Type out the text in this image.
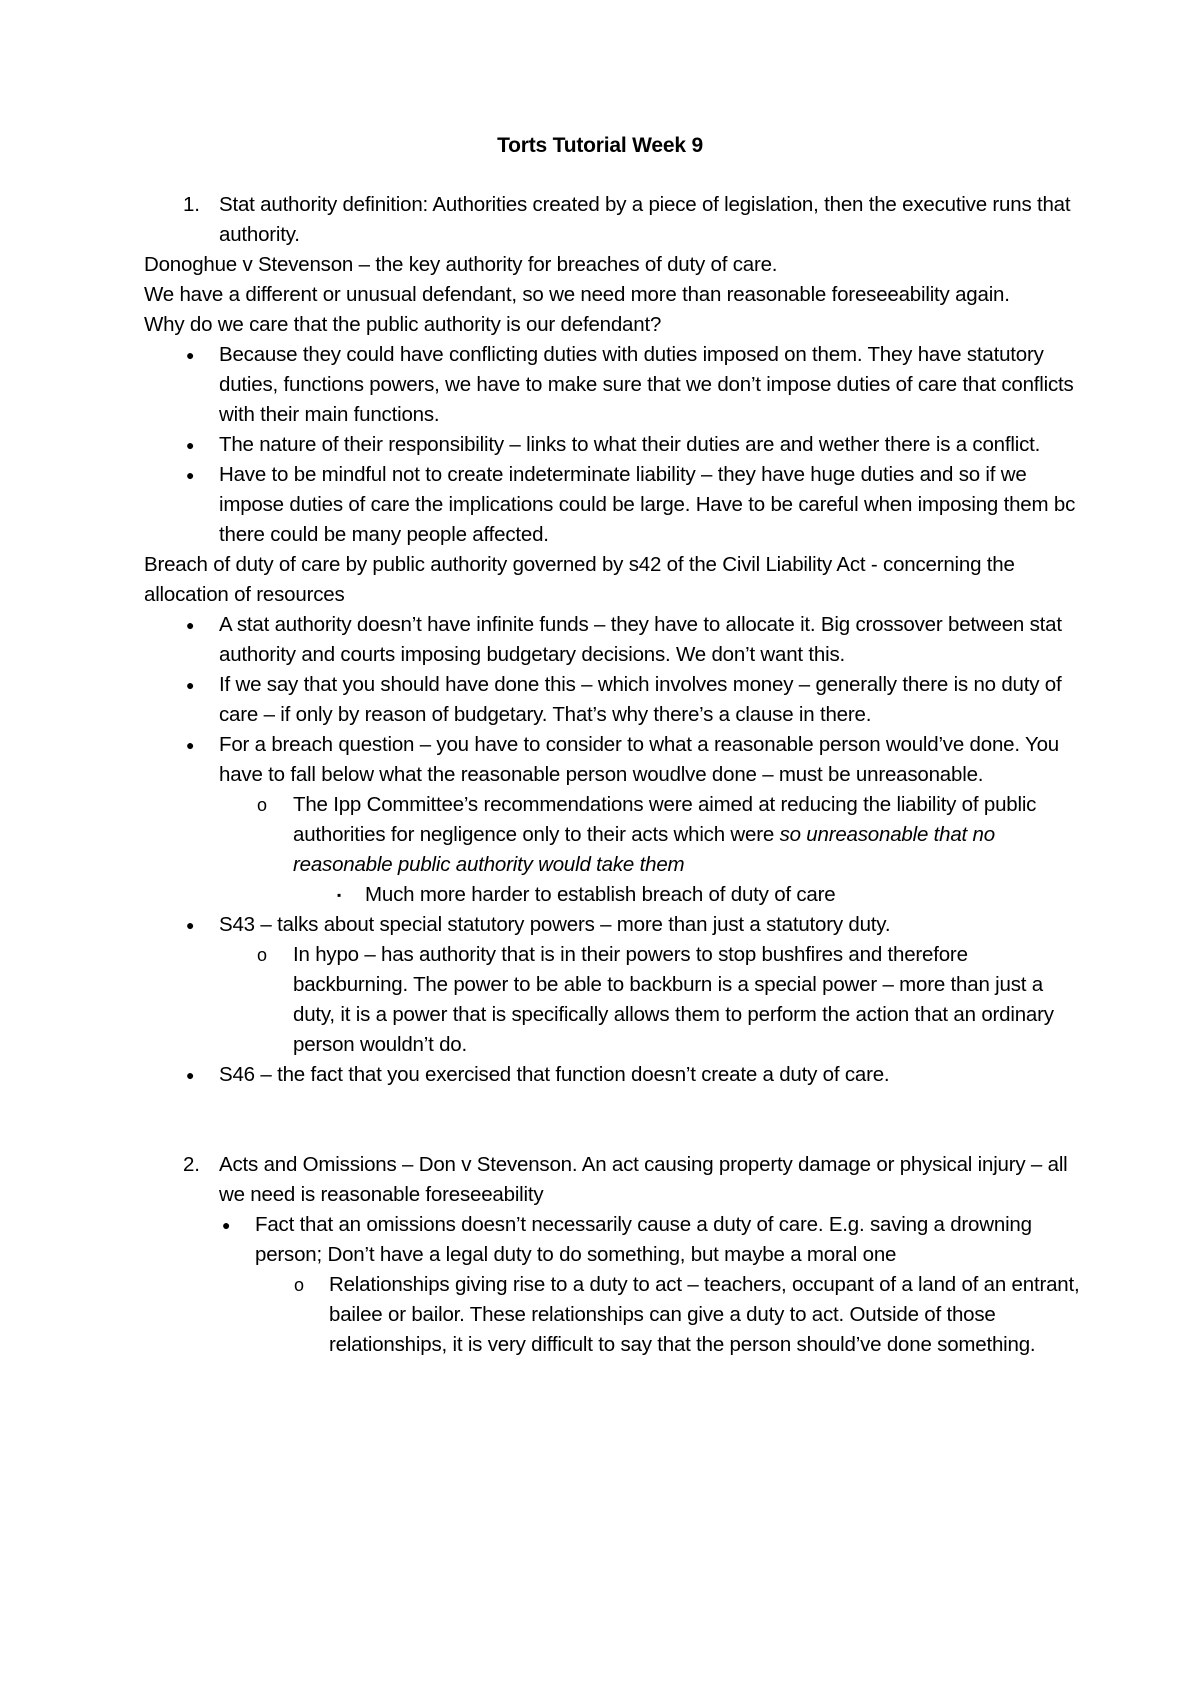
Torts Tutorial Week 9
1. Stat authority definition: Authorities created by a piece of legislation, then the executive runs that authority.

Donoghue v Stevenson – the key authority for breaches of duty of care.

We have a different or unusual defendant, so we need more than reasonable foreseeability again.

Why do we care that the public authority is our defendant?

● Because they could have conflicting duties with duties imposed on them. They have statutory duties, functions powers, we have to make sure that we don’t impose duties of care that conflicts with their main functions.
● The nature of their responsibility – links to what their duties are and wether there is a conflict.
● Have to be mindful not to create indeterminate liability – they have huge duties and so if we impose duties of care the implications could be large. Have to be careful when imposing them bc there could be many people affected.

Breach of duty of care by public authority governed by s42 of the Civil Liability Act - concerning the allocation of resources

● A stat authority doesn’t have infinite funds – they have to allocate it. Big crossover between stat authority and courts imposing budgetary decisions. We don’t want this.
● If we say that you should have done this – which involves money – generally there is no duty of care – if only by reason of budgetary. That’s why there’s a clause in there.
● For a breach question – you have to consider to what a reasonable person would’ve done. You have to fall below what the reasonable person woudlve done – must be unreasonable.
o The Ipp Committee’s recommendations were aimed at reducing the liability of public authorities for negligence only to their acts which were so unreasonable that no reasonable public authority would take them
▪ Much more harder to establish breach of duty of care
● S43 – talks about special statutory powers – more than just a statutory duty.
o In hypo – has authority that is in their powers to stop bushfires and therefore backburning. The power to be able to backburn is a special power – more than just a duty, it is a power that is specifically allows them to perform the action that an ordinary person wouldn’t do.
● S46 – the fact that you exercised that function doesn’t create a duty of care.
2. Acts and Omissions – Don v Stevenson. An act causing property damage or physical injury – all we need is reasonable foreseeability
● Fact that an omissions doesn’t necessarily cause a duty of care. E.g. saving a drowning person; Don’t have a legal duty to do something, but maybe a moral one
o Relationships giving rise to a duty to act – teachers, occupant of a land of an entrant, bailee or bailor. These relationships can give a duty to act. Outside of those relationships, it is very difficult to say that the person should’ve done something.
